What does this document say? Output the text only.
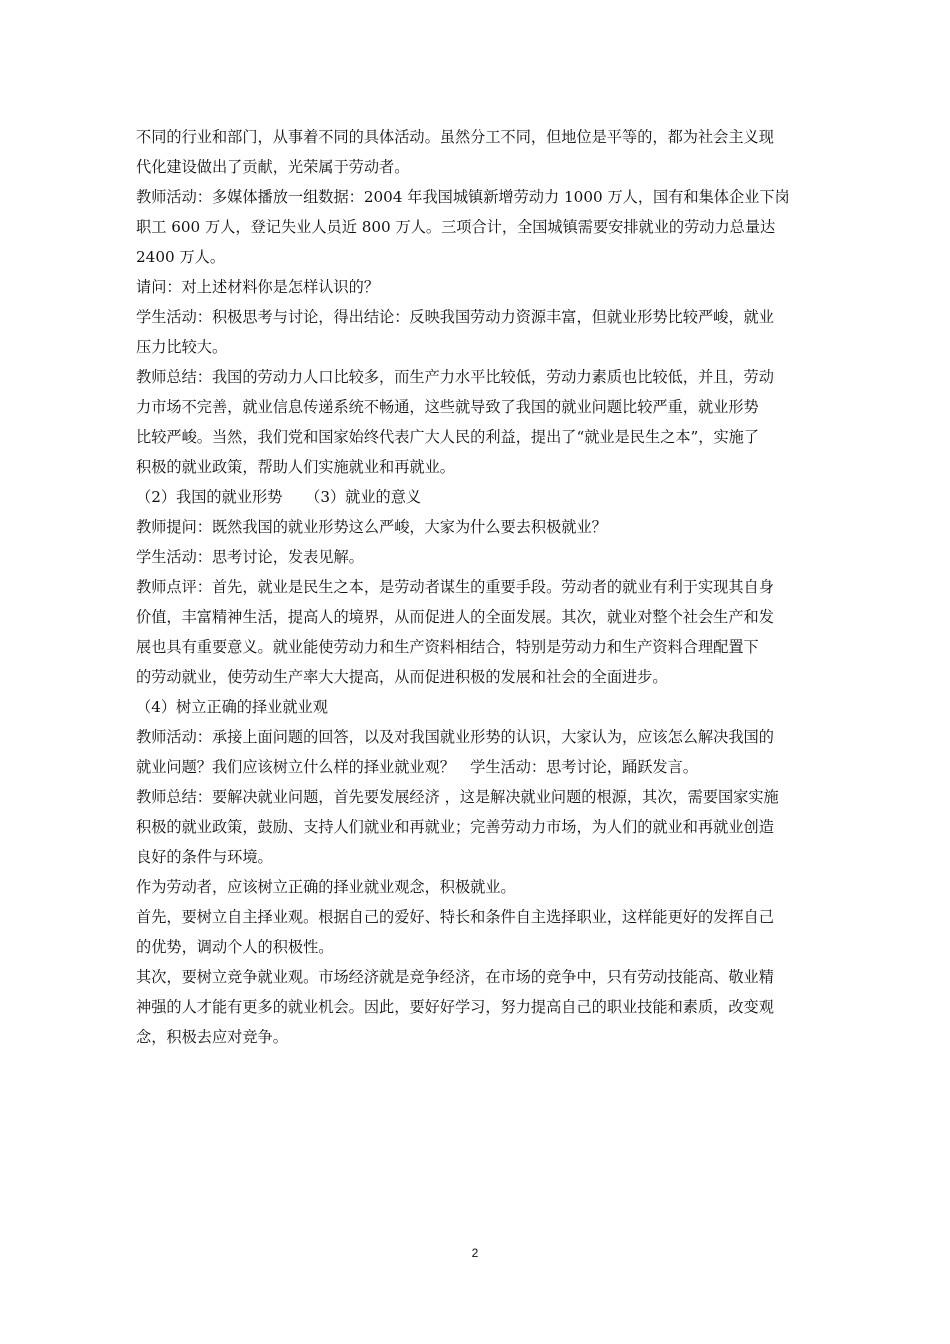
不同的行业和部门，从事着不同的具体活动。虽然分工不同，但地位是平等的，都为社会主义现
代化建设做出了贡献，光荣属于劳动者。
教师活动：多媒体播放一组数据：2004 年我国城镇新增劳动力 1000 万人，国有和集体企业下岗
职工 600 万人，登记失业人员近 800 万人。三项合计，全国城镇需要安排就业的劳动力总量达
2400 万人。
请问：对上述材料你是怎样认识的？
学生活动：积极思考与讨论，得出结论：反映我国劳动力资源丰富，但就业形势比较严峻，就业
压力比较大。
教师总结：我国的劳动力人口比较多，而生产力水平比较低，劳动力素质也比较低，并且，劳动
力市场不完善，就业信息传递系统不畅通，这些就导致了我国的就业问题比较严重，就业形势
比较严峻。当然，我们党和国家始终代表广大人民的利益，提出了“就业是民生之本”，实施了
积极的就业政策，帮助人们实施就业和再就业。
（2）我国的就业形势　　（3）就业的意义
教师提问：既然我国的就业形势这么严峻，大家为什么要去积极就业？
学生活动：思考讨论，发表见解。
教师点评：首先，就业是民生之本，是劳动者谋生的重要手段。劳动者的就业有利于实现其自身
价值，丰富精神生活，提高人的境界，从而促进人的全面发展。其次，就业对整个社会生产和发
展也具有重要意义。就业能使劳动力和生产资料相结合，特别是劳动力和生产资料合理配置下
的劳动就业，使劳动生产率大大提高，从而促进积极的发展和社会的全面进步。
（4）树立正确的择业就业观
教师活动：承接上面问题的回答，以及对我国就业形势的认识，大家认为，应该怎么解决我国的
就业问题？我们应该树立什么样的择业就业观？　学生活动：思考讨论，踊跃发言。
教师总结：要解决就业问题，首先要发展经济 ，这是解决就业问题的根源，其次，需要国家实施
积极的就业政策，鼓励、支持人们就业和再就业；完善劳动力市场，为人们的就业和再就业创造
良好的条件与环境。
作为劳动者，应该树立正确的择业就业观念，积极就业。
首先，要树立自主择业观。根据自己的爱好、特长和条件自主选择职业，这样能更好的发挥自己
的优势，调动个人的积极性。
其次，要树立竞争就业观。市场经济就是竞争经济，在市场的竞争中，只有劳动技能高、敬业精
神强的人才能有更多的就业机会。因此，要好好学习，努力提高自己的职业技能和素质，改变观
念，积极去应对竞争。
2
